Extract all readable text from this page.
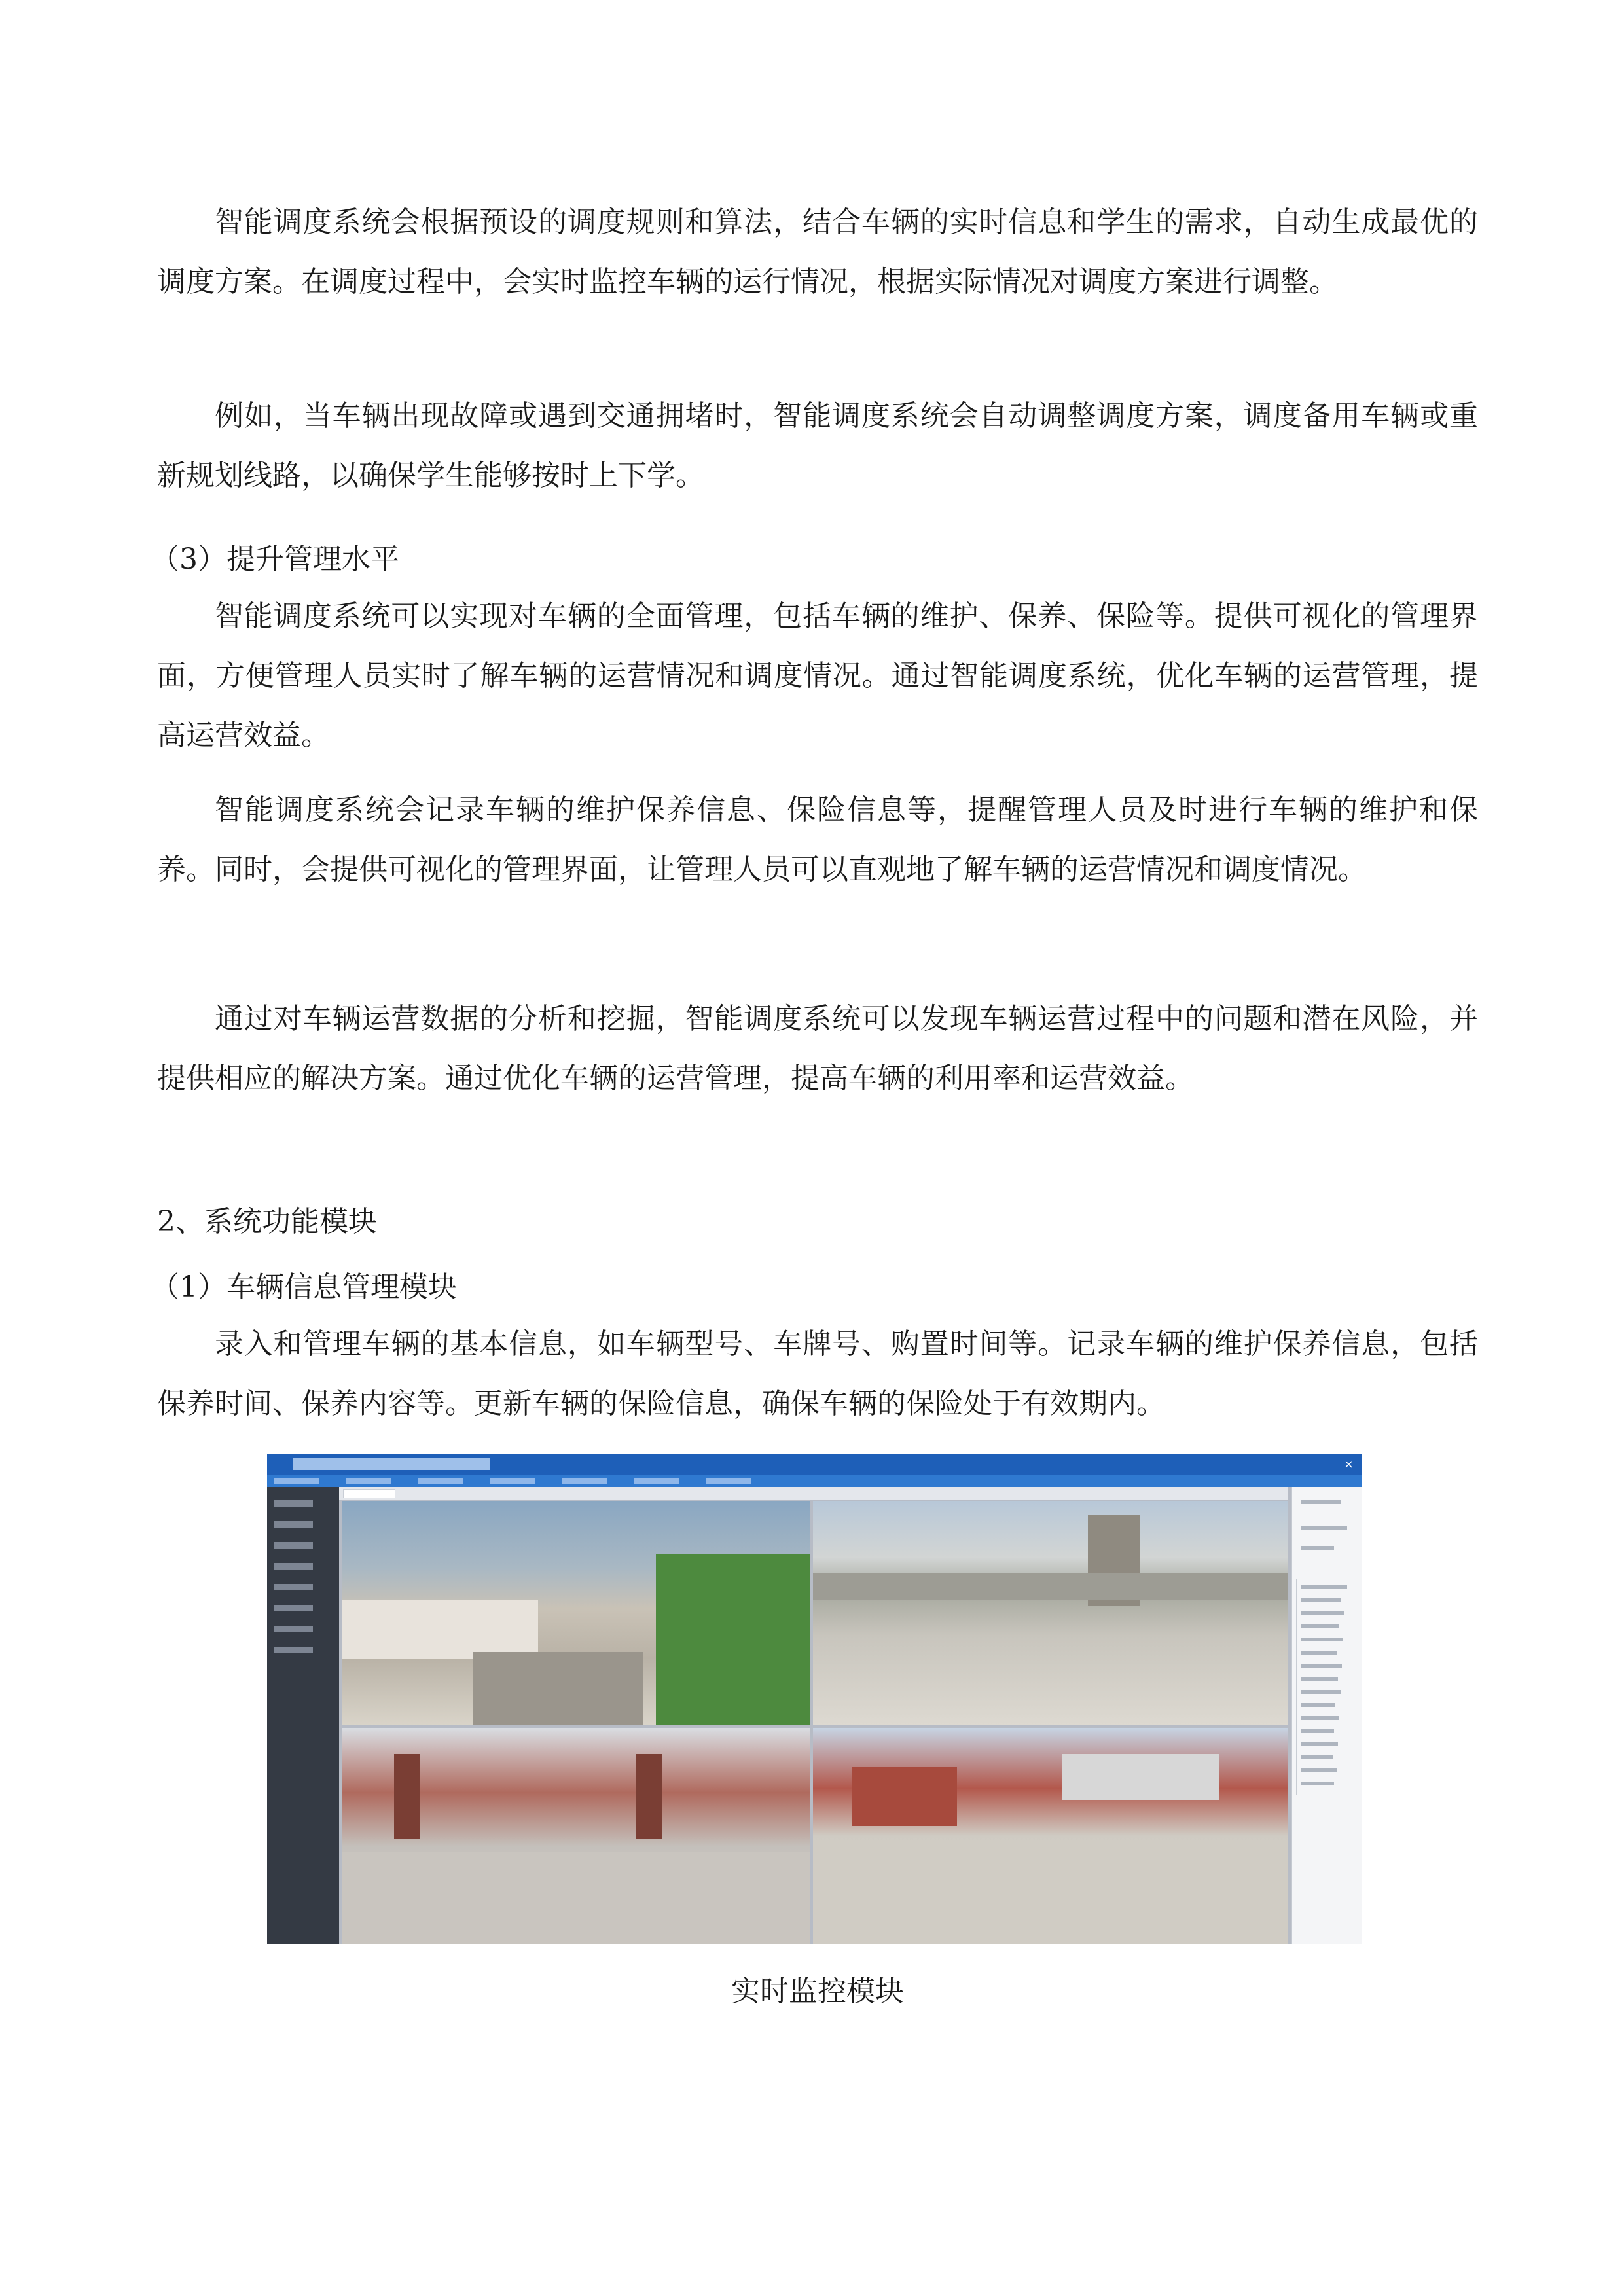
智能调度系统会根据预设的调度规则和算法，结合车辆的实时信息和学生的需求，自动生成最优的调度方案。在调度过程中，会实时监控车辆的运行情况，根据实际情况对调度方案进行调整。

例如，当车辆出现故障或遇到交通拥堵时，智能调度系统会自动调整调度方案，调度备用车辆或重新规划线路，以确保学生能够按时上下学。

（3）提升管理水平

智能调度系统可以实现对车辆的全面管理，包括车辆的维护、保养、保险等。提供可视化的管理界面，方便管理人员实时了解车辆的运营情况和调度情况。通过智能调度系统，优化车辆的运营管理，提高运营效益。

智能调度系统会记录车辆的维护保养信息、保险信息等，提醒管理人员及时进行车辆的维护和保养。同时，会提供可视化的管理界面，让管理人员可以直观地了解车辆的运营情况和调度情况。

通过对车辆运营数据的分析和挖掘，智能调度系统可以发现车辆运营过程中的问题和潜在风险，并提供相应的解决方案。通过优化车辆的运营管理，提高车辆的利用率和运营效益。

2、系统功能模块

（1）车辆信息管理模块

录入和管理车辆的基本信息，如车辆型号、车牌号、购置时间等。记录车辆的维护保养信息，包括保养时间、保养内容等。更新车辆的保险信息，确保车辆的保险处于有效期内。

×

实时监控模块
